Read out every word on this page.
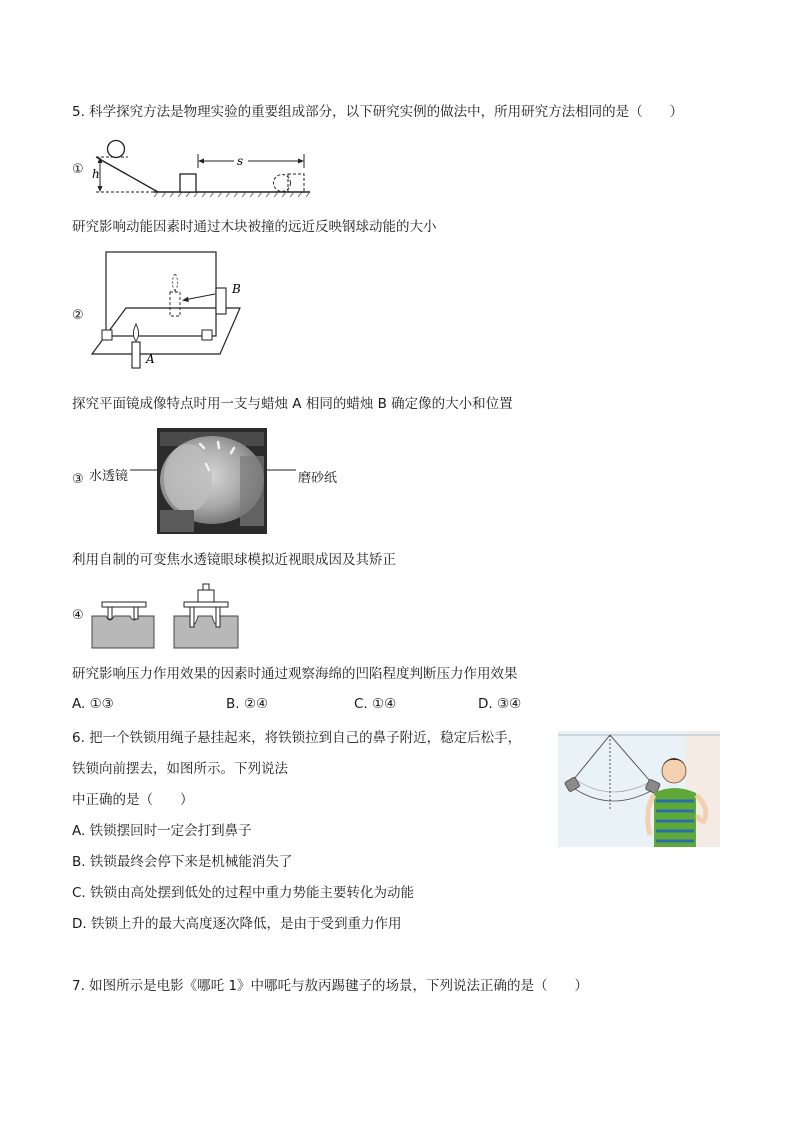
5. 科学探究方法是物理实验的重要组成部分，以下研究实例的做法中，所用研究方法相同的是（　　）
① h
s
研究影响动能因素时通过木块被撞的远近反映钢球动能的大小
②
A
B
探究平面镜成像特点时用一支与蜡烛 A 相同的蜡烛 B 确定像的大小和位置
③ 水透镜	磨砂纸
利用自制的可变焦水透镜眼球模拟近视眼成因及其矫正
④
研究影响压力作用效果的因素时通过观察海绵的凹陷程度判断压力作用效果
A. ①③	B. ②④	C. ①④	D. ③④
6. 把一个铁锁用绳子悬挂起来，将铁锁拉到自己的鼻子附近，稳定后松手，
铁锁向前摆去，如图所示。下列说法
中正确的是（　　）
A. 铁锁摆回时一定会打到鼻子
B. 铁锁最终会停下来是机械能消失了
C. 铁锁由高处摆到低处的过程中重力势能主要转化为动能
D. 铁锁上升的最大高度逐次降低，是由于受到重力作用
7. 如图所示是电影《哪吒 1》中哪吒与敖丙踢毽子的场景，下列说法正确的是（　　）
